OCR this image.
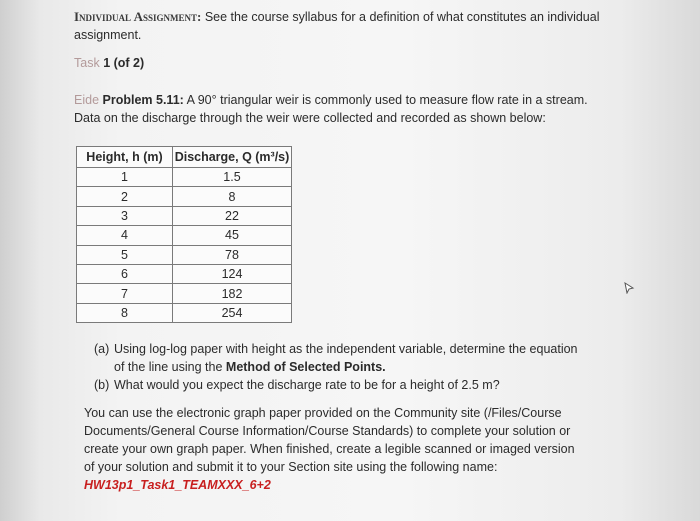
Individual Assignment: See the course syllabus for a definition of what constitutes an individual assignment.
Task 1 (of 2)
Eide Problem 5.11: A 90° triangular weir is commonly used to measure flow rate in a stream. Data on the discharge through the weir were collected and recorded as shown below:
Height, h (m)	Discharge, Q (m³/s)
1	1.5
2	8
3	22
4	45
5	78
6	124
7	182
8	254
(a) Using log-log paper with height as the independent variable, determine the equation of the line using the Method of Selected Points.
(b) What would you expect the discharge rate to be for a height of 2.5 m?
You can use the electronic graph paper provided on the Community site (/Files/Course Documents/General Course Information/Course Standards) to complete your solution or create your own graph paper. When finished, create a legible scanned or imaged version of your solution and submit it to your Section site using the following name:
HW13p1_Task1_TEAMXXX_6+2
